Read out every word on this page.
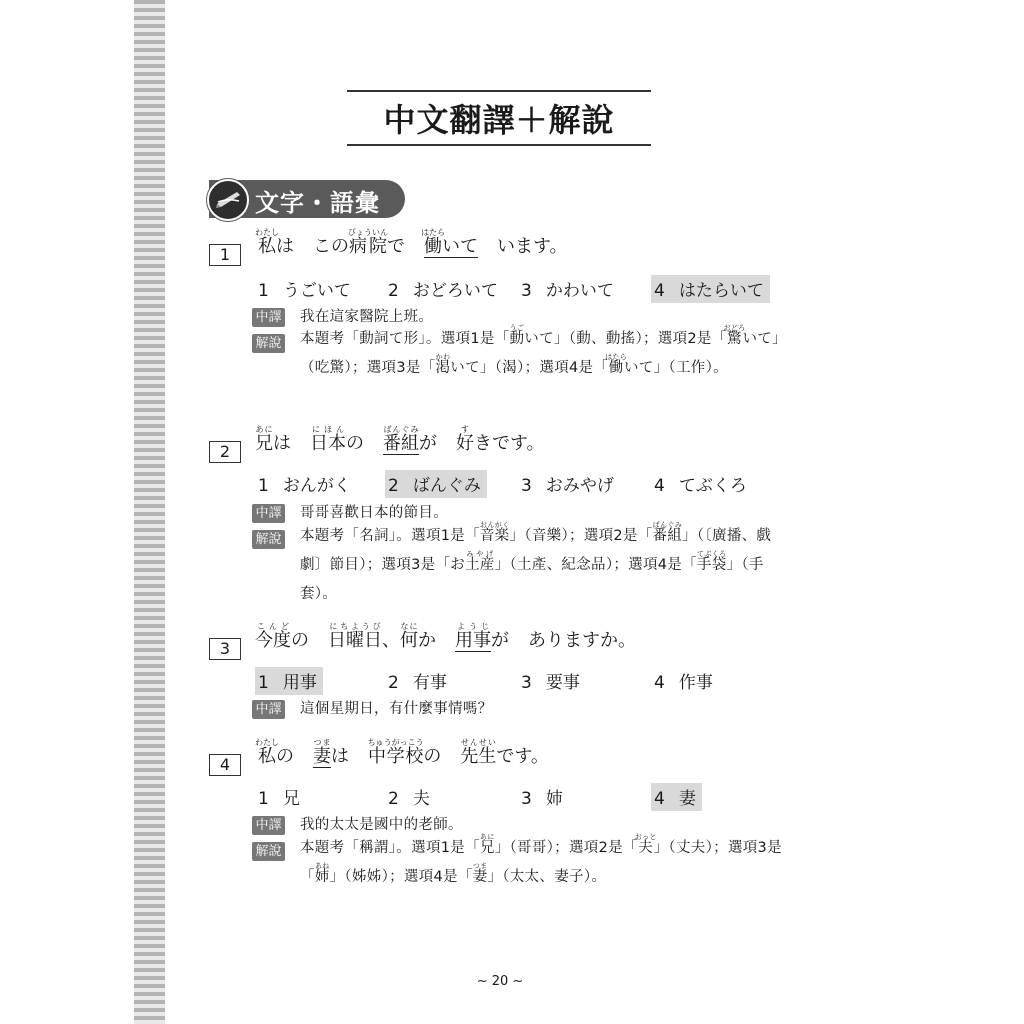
中文翻譯＋解說
文字・語彙
1	私わたしは この病院びょういんで 働はたらいて います。
1 うごいて	2 おどろいて	3 かわいて	4 はたらいて
中譯 我在這家醫院上班。
解說 本題考「動詞て形」。選項1是「動うごいて」（動、動搖）；選項2是「驚おどろいて」（吃驚）；選項3是「渇かわいて」（渴）；選項4是「働はたらいて」（工作）。
2	兄あには 日本にほんの 番組ばんぐみが 好すきです。
1 おんがく	2 ばんぐみ	3 おみやげ	4 てぶくろ
中譯 哥哥喜歡日本的節目。
解說 本題考「名詞」。選項1是「音楽おんがく」（音樂）；選項2是「番組ばんぐみ」（〔廣播、戲劇〕節目）；選項3是「お土産みやげ」（土產、紀念品）；選項4是「手袋てぶくろ」（手套）。
3	今度こんどの 日曜日にちようび、何なにか 用事ようじが ありますか。
1 用事	2 有事	3 要事	4 作事
中譯 這個星期日，有什麼事情嗎？
4	私わたしの 妻つまは 中学校ちゅうがっこうの 先生せんせいです。
1 兄	2 夫	3 姉	4 妻
中譯 我的太太是國中的老師。
解說 本題考「稱謂」。選項1是「兄あに」（哥哥）；選項2是「夫おっと」（丈夫）；選項3是「姉あね」（姊姊）；選項4是「妻つま」（太太、妻子）。
~ 20 ~
